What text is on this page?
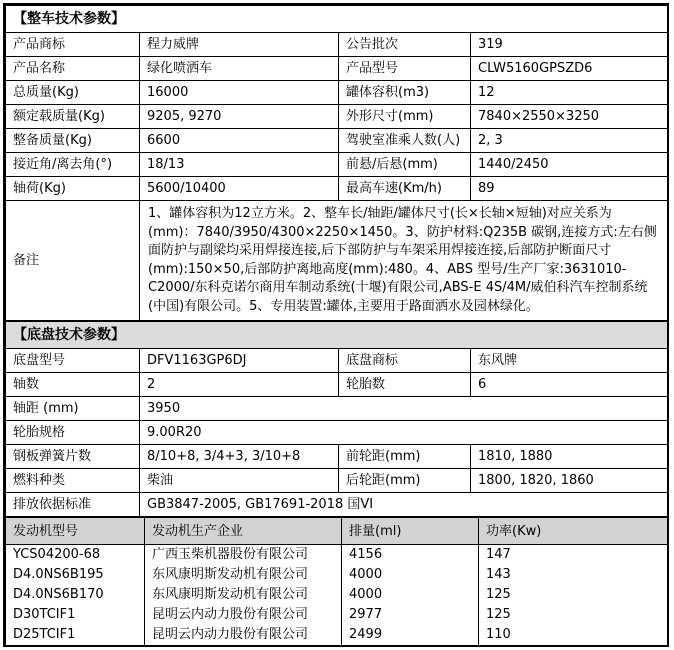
【整车技术参数】			
产品商标	程力威牌	公告批次	319
产品名称	绿化喷洒车	产品型号	CLW5160GPSZD6
总质量(Kg)	16000	罐体容积(m3)	12
额定载质量(Kg)	9205, 9270	外形尺寸(mm)	7840×2550×3250
整备质量(Kg)	6600	驾驶室准乘人数(人)	2, 3
接近角/离去角(°)	18/13	前悬/后悬(mm)	1440/2450
轴荷(Kg)	5600/10400	最高车速(Km/h)	89
备注	1、罐体容积为12立方米。2、整车长/轴距/罐体尺寸(长×长轴×短轴)对应关系为(mm)：7840/3950/4300×2250×1450。3、防护材料:Q235B 碳钢,连接方式:左右侧面防护与副梁均采用焊接连接,后下部防护与车架采用焊接连接,后部防护断面尺寸(mm):150×50,后部防护离地高度(mm):480。4、ABS 型号/生产厂家:3631010-C2000/东科克诺尔商用车制动系统(十堰)有限公司,ABS-E 4S/4M/威伯科汽车控制系统(中国)有限公司。5、专用装置:罐体,主要用于路面洒水及园林绿化。		
【底盘技术参数】			
底盘型号	DFV1163GP6DJ	底盘商标	东风牌
轴数	2	轮胎数	6
轴距 (mm)	3950		
轮胎规格	9.00R20		
钢板弹簧片数	8/10+8, 3/4+3, 3/10+8	前轮距(mm)	1810, 1880
燃料种类	柴油	后轮距(mm)	1800, 1820, 1860
排放依据标准	GB3847-2005, GB17691-2018 国VI		
发动机型号	发动机生产企业	排量(ml)	功率(Kw)
YCS04200-68	广西玉柴机器股份有限公司	4156	147
D4.0NS6B195	东风康明斯发动机有限公司	4000	143
D4.0NS6B170	东风康明斯发动机有限公司	4000	125
D30TCIF1	昆明云内动力股份有限公司	2977	125
D25TCIF1	昆明云内动力股份有限公司	2499	110
